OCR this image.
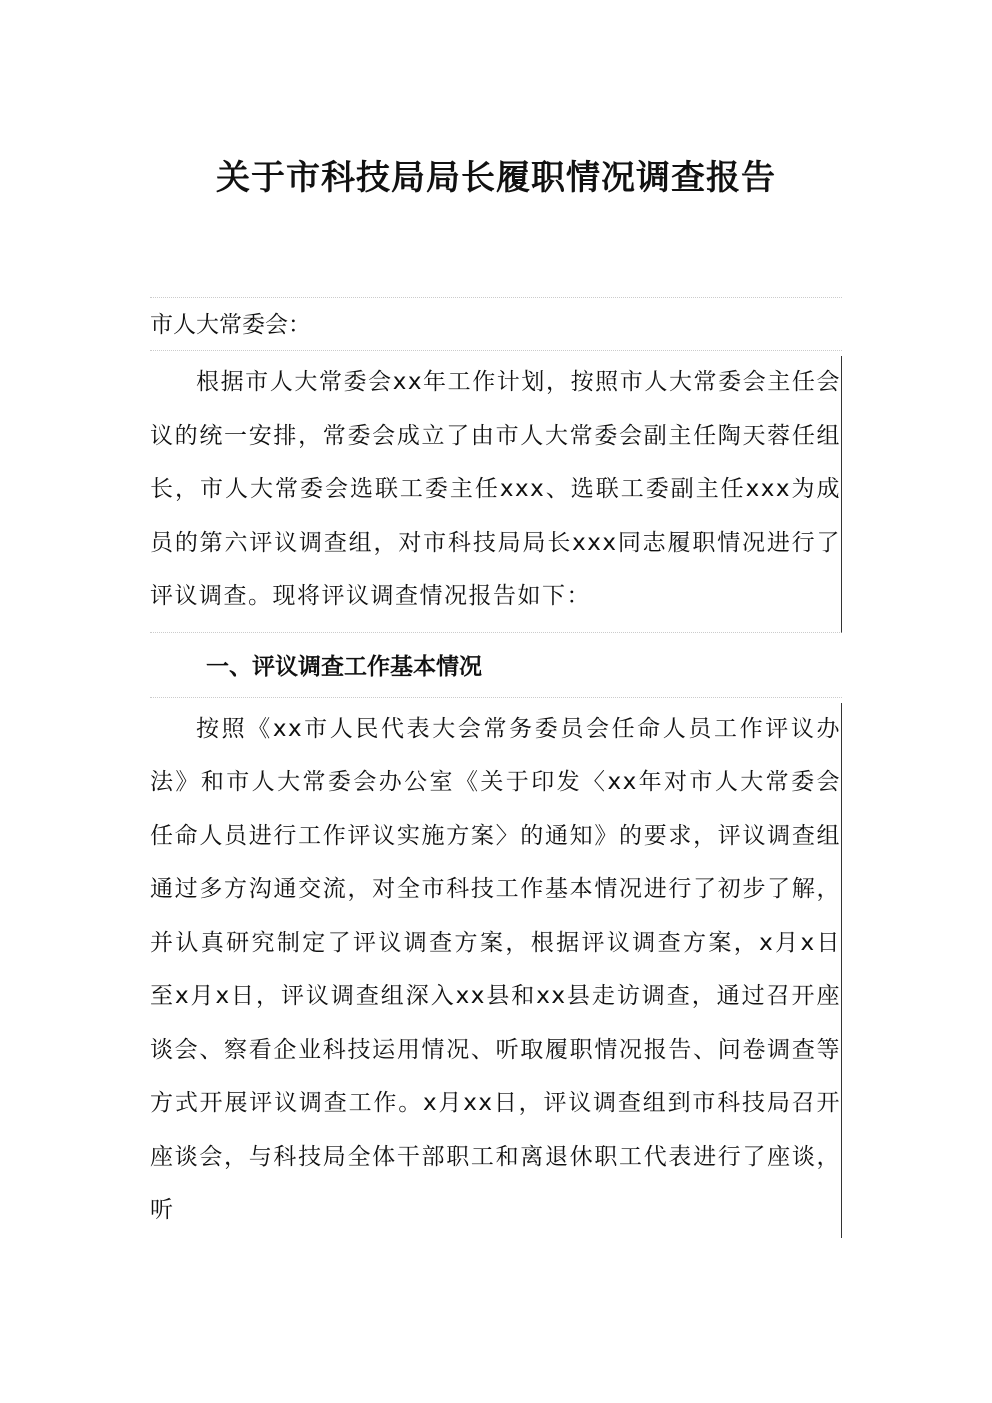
关于市科技局局长履职情况调查报告
市人大常委会：
根据市人大常委会xx年工作计划，按照市人大常委会主任会议的统一安排，常委会成立了由市人大常委会副主任陶天蓉任组长，市人大常委会选联工委主任xxx、选联工委副主任xxx为成员的第六评议调查组，对市科技局局长xxx同志履职情况进行了评议调查。现将评议调查情况报告如下：
一、评议调查工作基本情况
按照《xx市人民代表大会常务委员会任命人员工作评议办法》和市人大常委会办公室《关于印发〈xx年对市人大常委会任命人员进行工作评议实施方案〉的通知》的要求，评议调查组通过多方沟通交流，对全市科技工作基本情况进行了初步了解，并认真研究制定了评议调查方案，根据评议调查方案，x月x日至x月x日，评议调查组深入xx县和xx县走访调查，通过召开座谈会、察看企业科技运用情况、听取履职情况报告、问卷调查等方式开展评议调查工作。x月xx日，评议调查组到市科技局召开座谈会，与科技局全体干部职工和离退休职工代表进行了座谈，听
